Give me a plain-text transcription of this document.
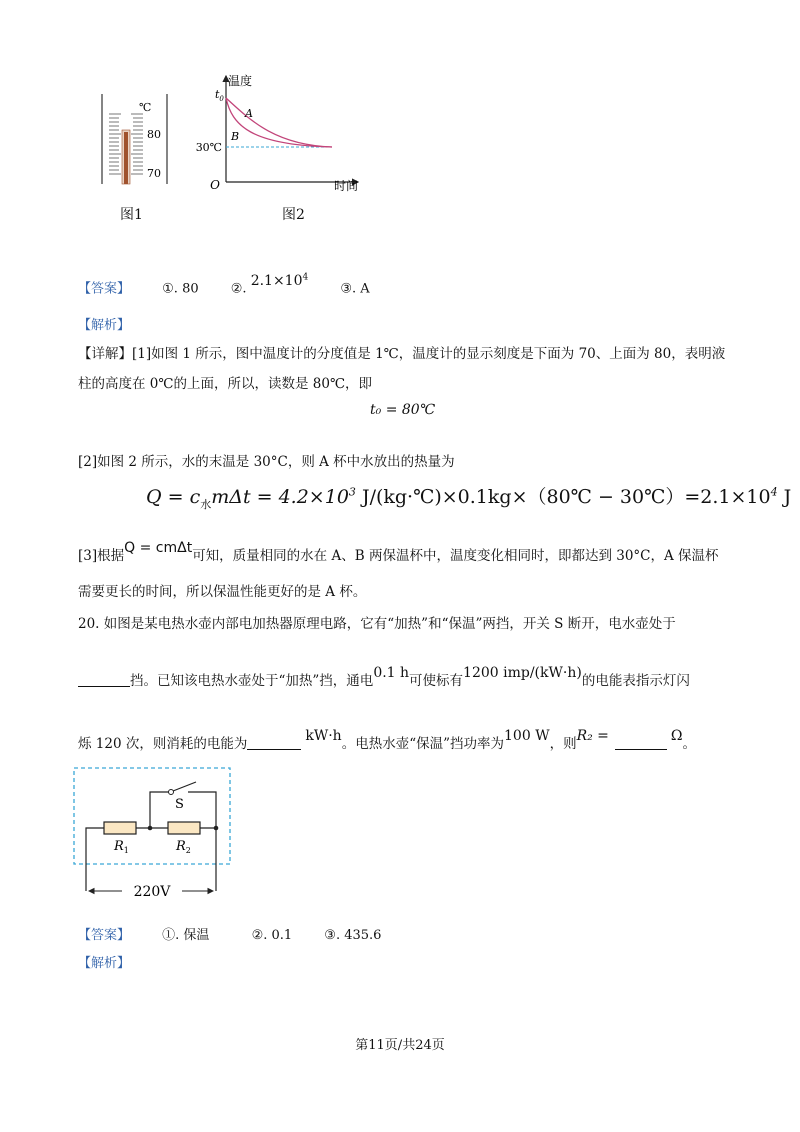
℃
80
70
图1
温度
时间
O
$t_0$
30℃
A
B
图2
【答案】 ①. 80 ②. $2.1\times 10^4$ ③. A
【解析】
【详解】[1]如图 1 所示，图中温度计的分度值是 1℃，温度计的显示刻度是下面为 70、上面为 80，表明液
柱的高度在 0℃的上面，所以，读数是 80℃，即
t₀ = 80℃
[2]如图 2 所示，水的末温是 30°C，则 A 杯中水放出的热量为
$Q = c_水m\Delta t = 4.2\times 10^3$ J/(kg·℃)×0.1kg×（80℃ − $30℃)=2.1\times 10^4$ J
[3]根据Q = cmΔt可知，质量相同的水在 A、B 两保温杯中，温度变化相同时，即都达到 30°C，A 保温杯
需要更长的时间，所以保温性能更好的是 A 杯。
20. 如图是某电热水壶内部电加热器原理电路，它有“加热”和“保温”两挡，开关 S 断开，电水壶处于
挡。已知该电热水壶处于“加热”挡，通电0.1 h可使标有1200 imp/(kW·h)的电能表指示灯闪
烁 120 次，则消耗的电能为	kW·h。电热水壶“保温”挡功率为100 W，则R₂ =	Ω。
S
$R_1$	$R_2$
220V
【答案】 ①. 保温	②. 0.1 ③. 435.6
【解析】
第11页/共24页
